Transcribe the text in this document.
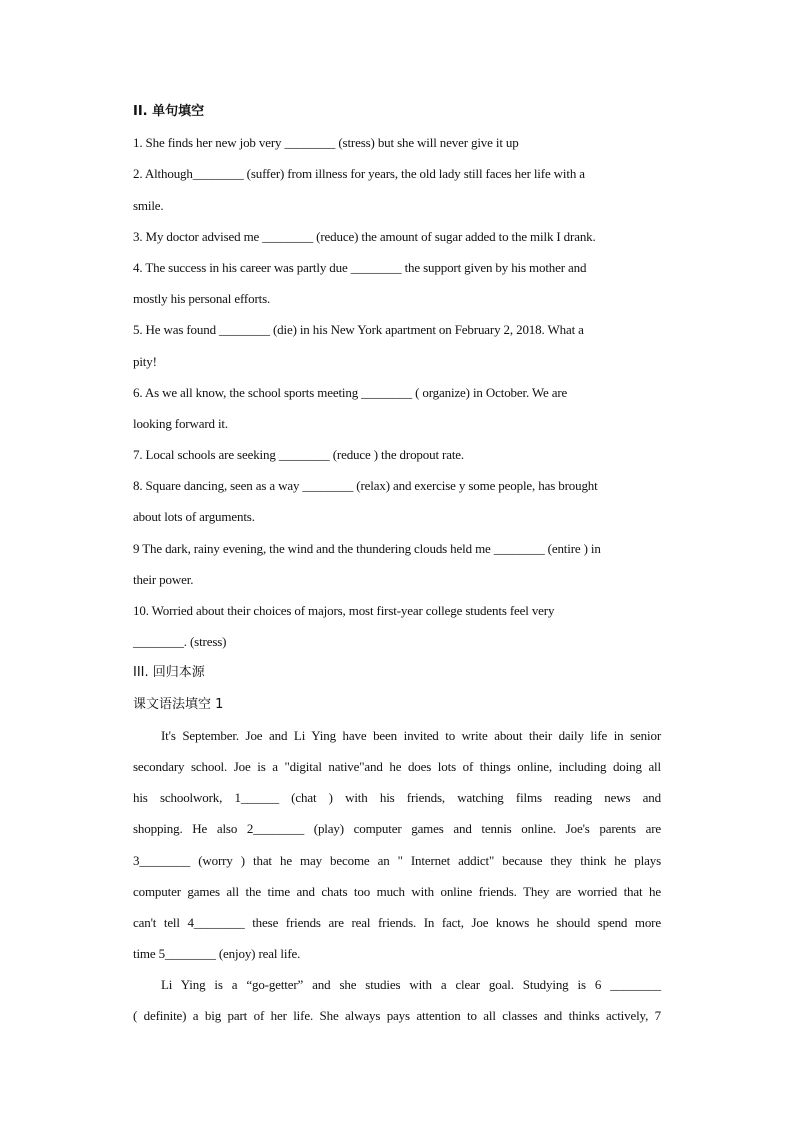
II. 单句填空
1. She finds her new job very ________ (stress) but she will never give it up
2. Although________ (suffer) from illness for years, the old lady still faces her life with a
smile.
3. My doctor advised me ________ (reduce) the amount of sugar added to the milk I drank.
4. The success in his career was partly due ________ the support given by his mother and
mostly his personal efforts.
5. He was found ________ (die) in his New York apartment on February 2, 2018. What a
pity!
6. As we all know, the school sports meeting ________ ( organize) in October. We are
looking forward it.
7. Local schools are seeking ________ (reduce ) the dropout rate.
8. Square dancing, seen as a way ________ (relax) and exercise y some people, has brought
about lots of arguments.
9 The dark, rainy evening, the wind and the thundering clouds held me ________ (entire ) in
their power.
10. Worried about their choices of majors, most first-year college students feel very
________. (stress)
III. 回归本源
课文语法填空 1
It's September. Joe and Li Ying have been invited to write about their daily life in senior
secondary school. Joe is a "digital native"and he does lots of things online, including doing all
his schoolwork, 1______ (chat ) with his friends, watching films reading news and
shopping. He also 2________ (play) computer games and tennis online. Joe's parents are
3________ (worry ) that he may become an " Internet addict" because they think he plays
computer games all the time and chats too much with online friends. They are worried that he
can't tell 4________ these friends are real friends. In fact, Joe knows he should spend more
time 5________ (enjoy) real life.
Li Ying is a “go-getter” and she studies with a clear goal. Studying is 6 ________
( definite) a big part of her life. She always pays attention to all classes and thinks actively, 7
